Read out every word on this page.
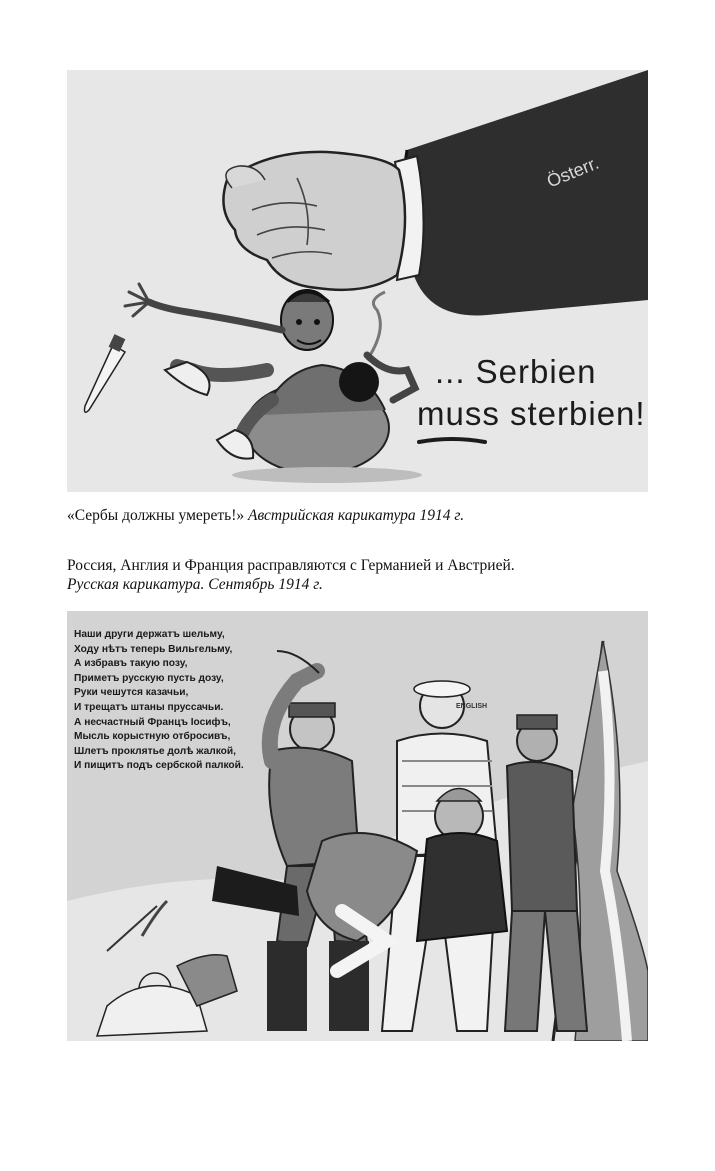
Österr.
... Serbien
muss sterbien!
«Сербы должны умереть!» Австрийская карикатура 1914 г.
Россия, Англия и Франция расправляются с Германией и Австрией.
Русская карикатура. Сентябрь 1914 г.
Наши други держатъ шельму,
Ходу нѣтъ теперь Вильгельму,
А избравъ такую позу,
Приметъ русскую пусть дозу,
Руки чешутся казачьи,
И трещатъ штаны пруссачьи.
А несчастный Францъ Iосифъ,
Мысль корыстную отбросивъ,
Шлетъ проклятье долѣ жалкой,
И пищитъ подъ сербской палкой.
ENGLISH
